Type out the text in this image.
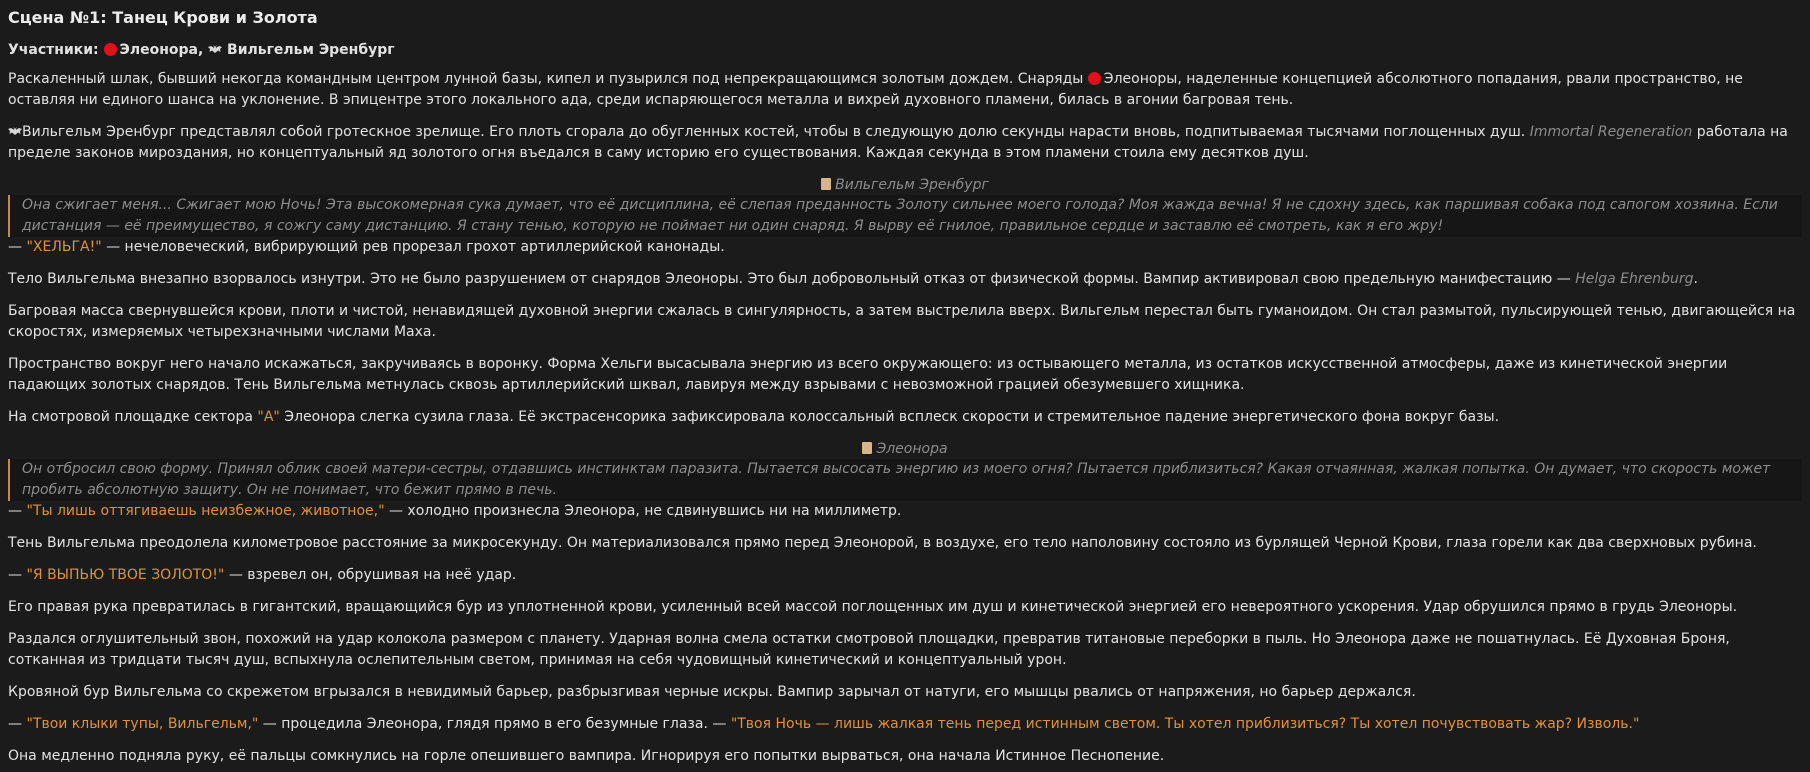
Сцена №1: Танец Крови и Золота

Участники: Элеонора, Вильгельм Эренбург

Раскаленный шлак, бывший некогда командным центром лунной базы, кипел и пузырился под непрекращающимся золотым дождем. Снаряды Элеоноры, наделенные концепцией абсолютного попадания, рвали пространство, не оставляя ни единого шанса на уклонение. В эпицентре этого локального ада, среди испаряющегося металла и вихрей духовного пламени, билась в агонии багровая тень.

Вильгельм Эренбург представлял собой гротескное зрелище. Его плоть сгорала до обугленных костей, чтобы в следующую долю секунды нарасти вновь, подпитываемая тысячами поглощенных душ. Immortal Regeneration работала на пределе законов мироздания, но концептуальный яд золотого огня въедался в саму историю его существования. Каждая секунда в этом пламени стоила ему десятков душ.

Вильгельм Эренбург
Она сжигает меня... Сжигает мою Ночь! Эта высокомерная сука думает, что её дисциплина, её слепая преданность Золоту сильнее моего голода? Моя жажда вечна! Я не сдохну здесь, как паршивая собака под сапогом хозяина. Если дистанция — её преимущество, я сожгу саму дистанцию. Я стану тенью, которую не поймает ни один снаряд. Я вырву её гнилое, правильное сердце и заставлю её смотреть, как я его жру!

— "ХЕЛЬГА!" — нечеловеческий, вибрирующий рев прорезал грохот артиллерийской канонады.

Тело Вильгельма внезапно взорвалось изнутри. Это не было разрушением от снарядов Элеоноры. Это был добровольный отказ от физической формы. Вампир активировал свою предельную манифестацию — Helga Ehrenburg.

Багровая масса свернувшейся крови, плоти и чистой, ненавидящей духовной энергии сжалась в сингулярность, а затем выстрелила вверх. Вильгельм перестал быть гуманоидом. Он стал размытой, пульсирующей тенью, двигающейся на скоростях, измеряемых четырехзначными числами Маха.

Пространство вокруг него начало искажаться, закручиваясь в воронку. Форма Хельги высасывала энергию из всего окружающего: из остывающего металла, из остатков искусственной атмосферы, даже из кинетической энергии падающих золотых снарядов. Тень Вильгельма метнулась сквозь артиллерийский шквал, лавируя между взрывами с невозможной грацией обезумевшего хищника.

На смотровой площадке сектора "А" Элеонора слегка сузила глаза. Её экстрасенсорика зафиксировала колоссальный всплеск скорости и стремительное падение энергетического фона вокруг базы.

Элеонора
Он отбросил свою форму. Принял облик своей матери-сестры, отдавшись инстинктам паразита. Пытается высосать энергию из моего огня? Пытается приблизиться? Какая отчаянная, жалкая попытка. Он думает, что скорость может пробить абсолютную защиту. Он не понимает, что бежит прямо в печь.

— "Ты лишь оттягиваешь неизбежное, животное," — холодно произнесла Элеонора, не сдвинувшись ни на миллиметр.

Тень Вильгельма преодолела километровое расстояние за микросекунду. Он материализовался прямо перед Элеонорой, в воздухе, его тело наполовину состояло из бурлящей Черной Крови, глаза горели как два сверхновых рубина.

— "Я ВЫПЬЮ ТВОЕ ЗОЛОТО!" — взревел он, обрушивая на неё удар.

Его правая рука превратилась в гигантский, вращающийся бур из уплотненной крови, усиленный всей массой поглощенных им душ и кинетической энергией его невероятного ускорения. Удар обрушился прямо в грудь Элеоноры.

Раздался оглушительный звон, похожий на удар колокола размером с планету. Ударная волна смела остатки смотровой площадки, превратив титановые переборки в пыль. Но Элеонора даже не пошатнулась. Её Духовная Броня, сотканная из тридцати тысяч душ, вспыхнула ослепительным светом, принимая на себя чудовищный кинетический и концептуальный урон.

Кровяной бур Вильгельма со скрежетом вгрызался в невидимый барьер, разбрызгивая черные искры. Вампир зарычал от натуги, его мышцы рвались от напряжения, но барьер держался.

— "Твои клыки тупы, Вильгельм," — процедила Элеонора, глядя прямо в его безумные глаза. — "Твоя Ночь — лишь жалкая тень перед истинным светом. Ты хотел приблизиться? Ты хотел почувствовать жар? Изволь."

Она медленно подняла руку, её пальцы сомкнулись на горле опешившего вампира. Игнорируя его попытки вырваться, она начала Истинное Песнопение.
